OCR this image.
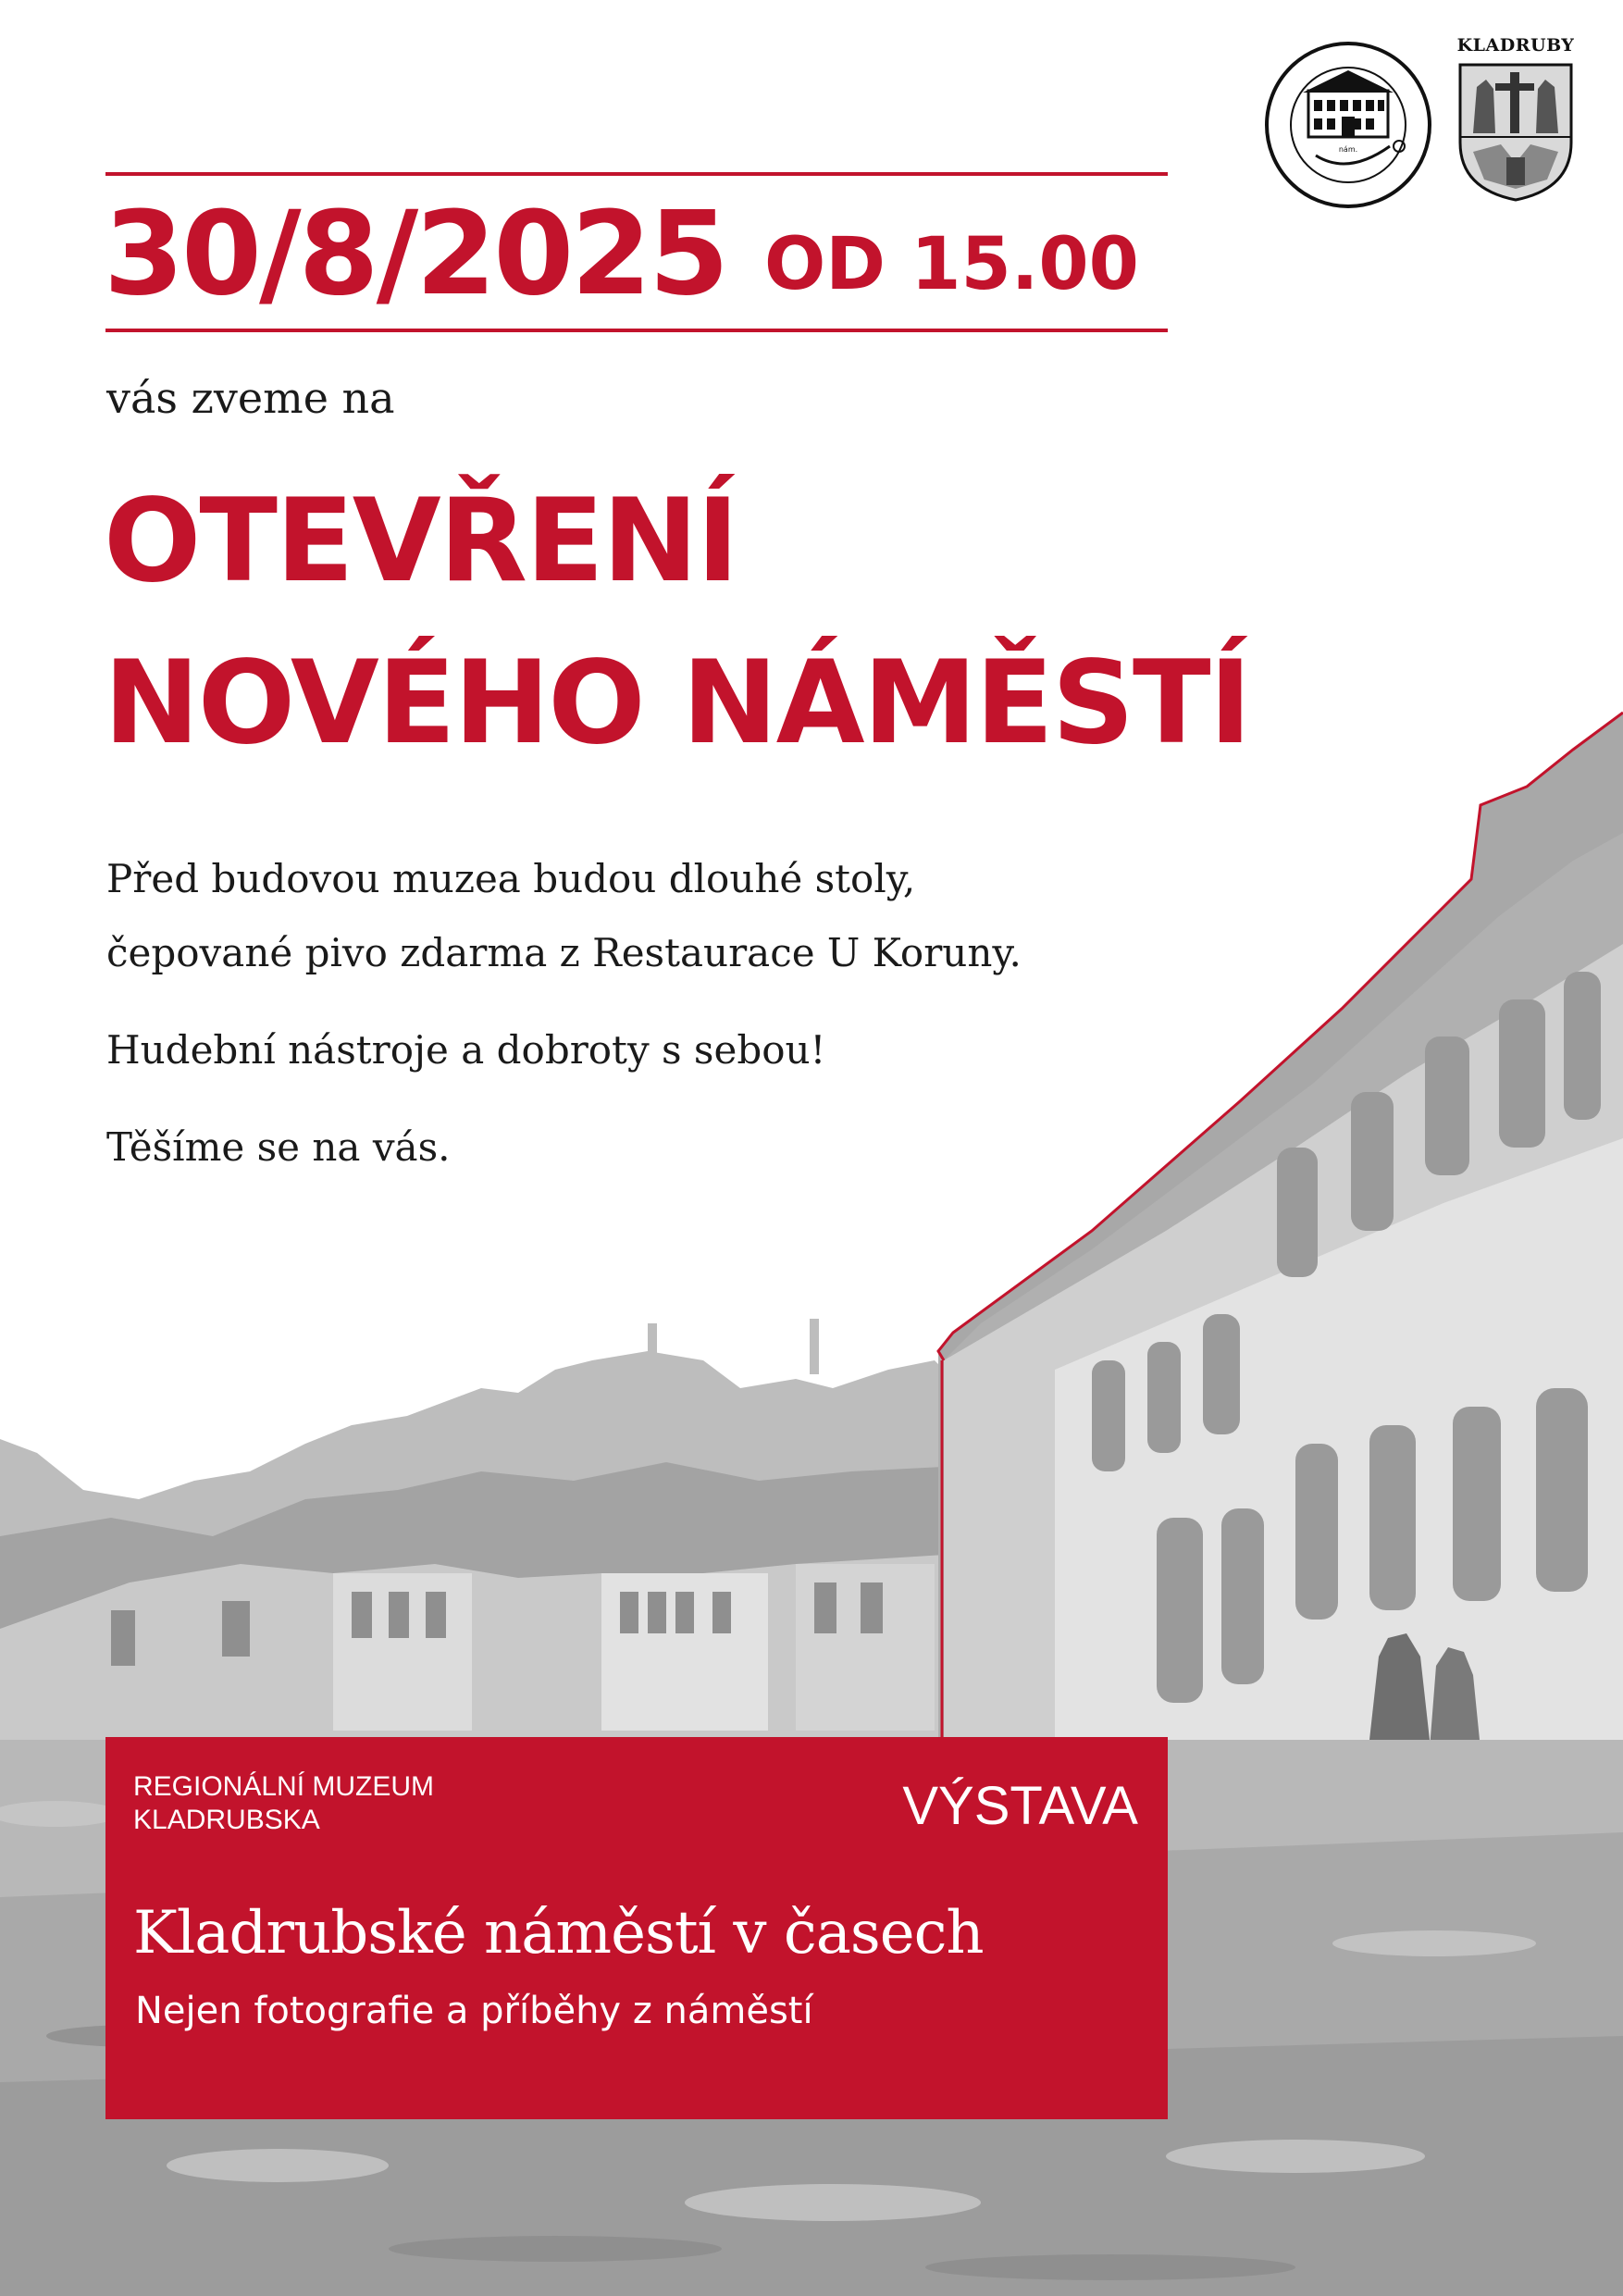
nám.
KLADRUBY
30/8/2025 OD 15.00
vás zveme na
OTEVŘENÍ
NOVÉHO NÁMĚSTÍ
Před budovou muzea budou dlouhé stoly,
čepované pivo zdarma z Restaurace U Koruny.
Hudební nástroje a dobroty s sebou!
Těšíme se na vás.
REGIONÁLNÍ MUZEUM
KLADRUBSKA	VÝSTAVA
Kladrubské náměstí v časech
Nejen fotografie a příběhy z náměstí
